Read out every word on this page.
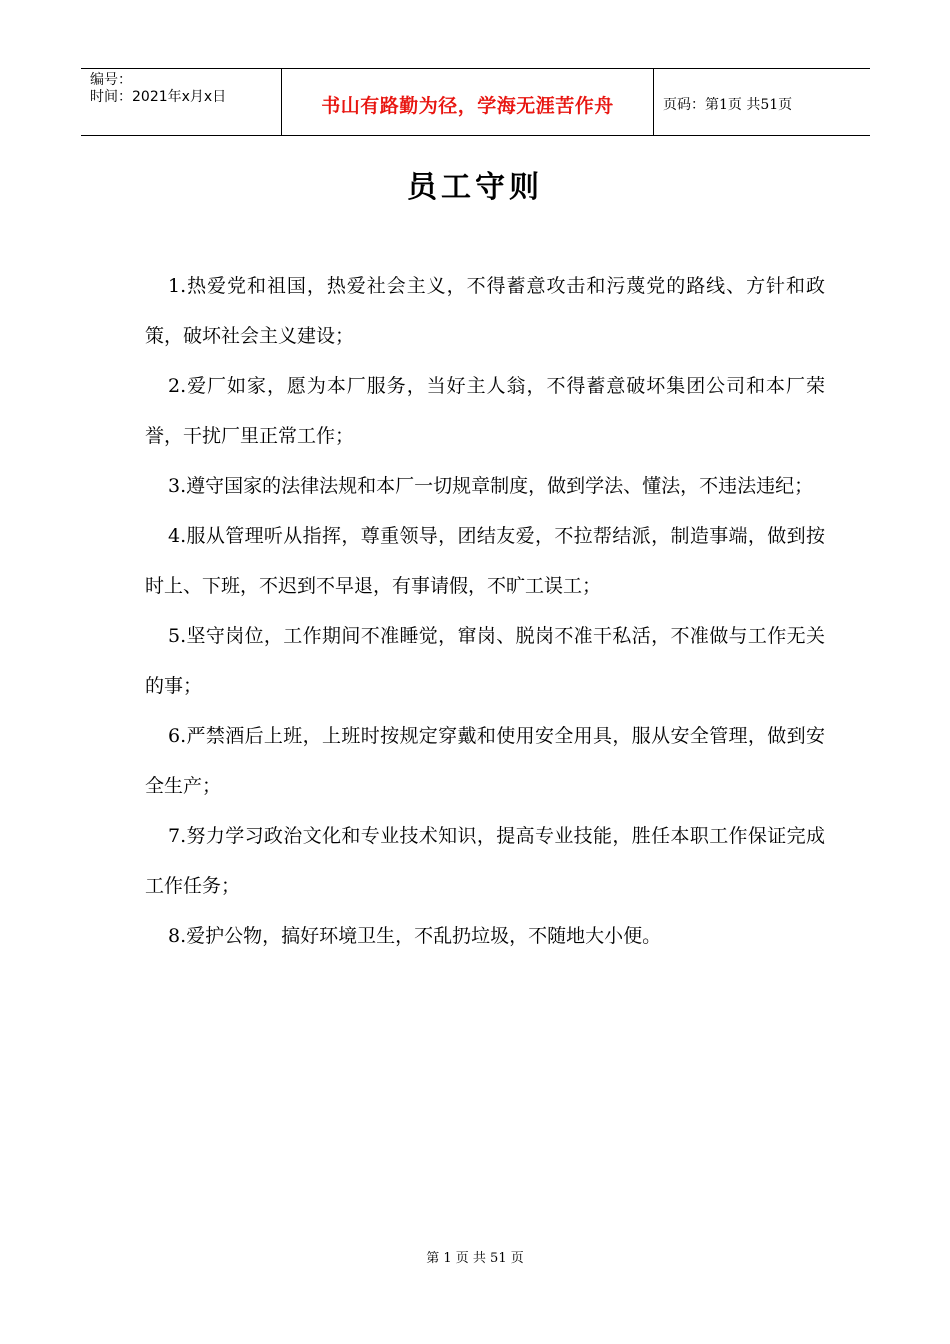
编号：
时间：2021年x月x日	书山有路勤为径，学海无涯苦作舟	页码：第1页 共51页
员工守则

1.热爱党和祖国，热爱社会主义，不得蓄意攻击和污蔑党的路线、方针和政策，破坏社会主义建设；

2.爱厂如家，愿为本厂服务，当好主人翁，不得蓄意破坏集团公司和本厂荣誉，干扰厂里正常工作；

3.遵守国家的法律法规和本厂一切规章制度，做到学法、懂法，不违法违纪；

4.服从管理听从指挥，尊重领导，团结友爱，不拉帮结派，制造事端，做到按时上、下班，不迟到不早退，有事请假，不旷工误工；

5.坚守岗位，工作期间不准睡觉，窜岗、脱岗不准干私活，不准做与工作无关的事；

6.严禁酒后上班，上班时按规定穿戴和使用安全用具，服从安全管理，做到安全生产；

7.努力学习政治文化和专业技术知识，提高专业技能，胜任本职工作保证完成工作任务；

8.爱护公物，搞好环境卫生，不乱扔垃圾，不随地大小便。

第 1 页 共 51 页
